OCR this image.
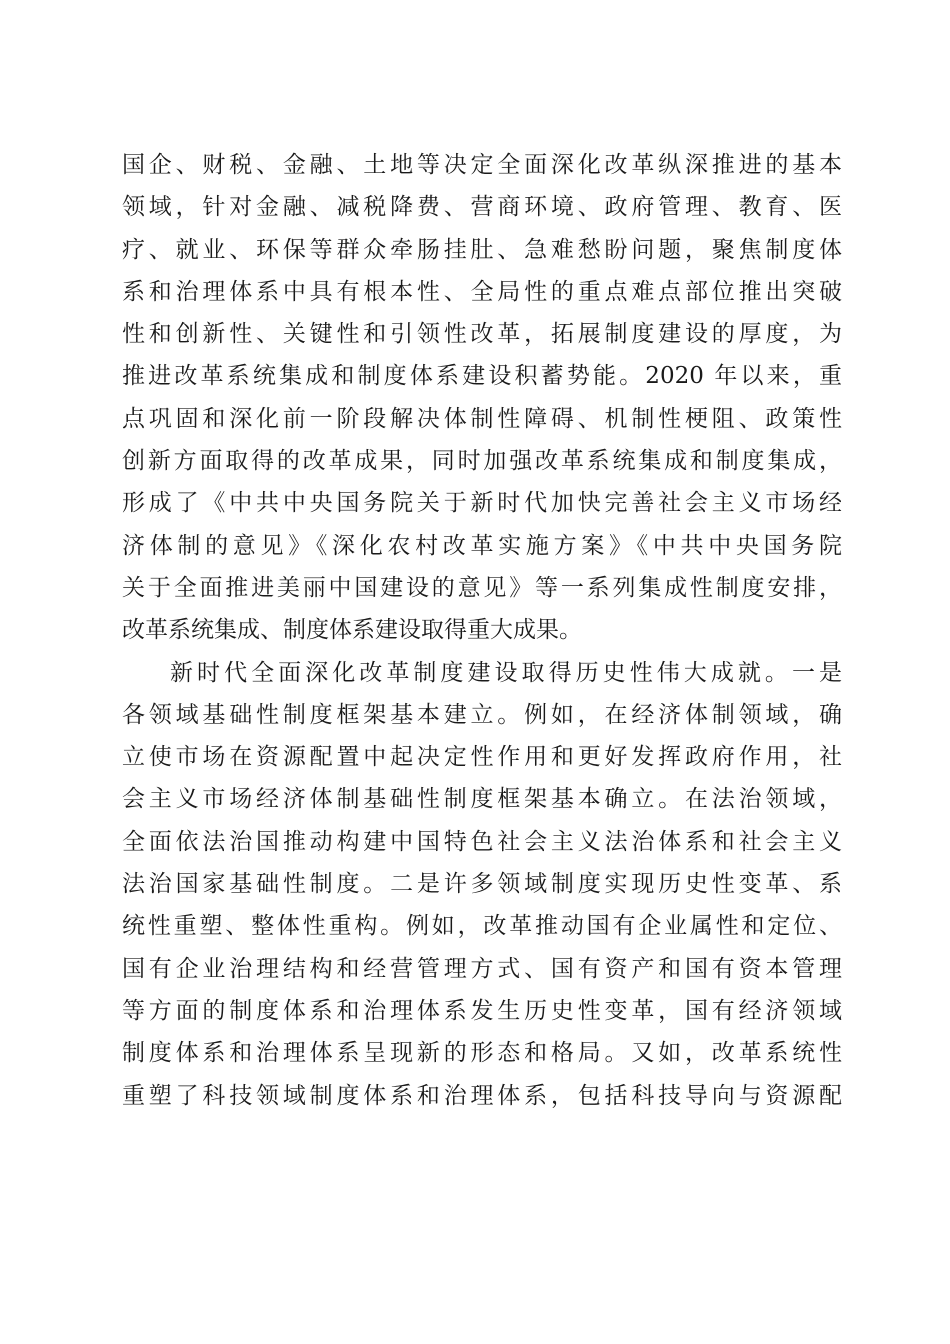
国企、财税、金融、土地等决定全面深化改革纵深推进的基本
领域，针对金融、减税降费、营商环境、政府管理、教育、医
疗、就业、环保等群众牵肠挂肚、急难愁盼问题，聚焦制度体
系和治理体系中具有根本性、全局性的重点难点部位推出突破
性和创新性、关键性和引领性改革，拓展制度建设的厚度，为
推进改革系统集成和制度体系建设积蓄势能。2020 年以来，重
点巩固和深化前一阶段解决体制性障碍、机制性梗阻、政策性
创新方面取得的改革成果，同时加强改革系统集成和制度集成，
形成了《中共中央国务院关于新时代加快完善社会主义市场经
济体制的意见》《深化农村改革实施方案》《中共中央国务院
关于全面推进美丽中国建设的意见》等一系列集成性制度安排，
改革系统集成、制度体系建设取得重大成果。
新时代全面深化改革制度建设取得历史性伟大成就。一是
各领域基础性制度框架基本建立。例如，在经济体制领域，确
立使市场在资源配置中起决定性作用和更好发挥政府作用，社
会主义市场经济体制基础性制度框架基本确立。在法治领域，
全面依法治国推动构建中国特色社会主义法治体系和社会主义
法治国家基础性制度。二是许多领域制度实现历史性变革、系
统性重塑、整体性重构。例如，改革推动国有企业属性和定位、
国有企业治理结构和经营管理方式、国有资产和国有资本管理
等方面的制度体系和治理体系发生历史性变革，国有经济领域
制度体系和治理体系呈现新的形态和格局。又如，改革系统性
重塑了科技领域制度体系和治理体系，包括科技导向与资源配
